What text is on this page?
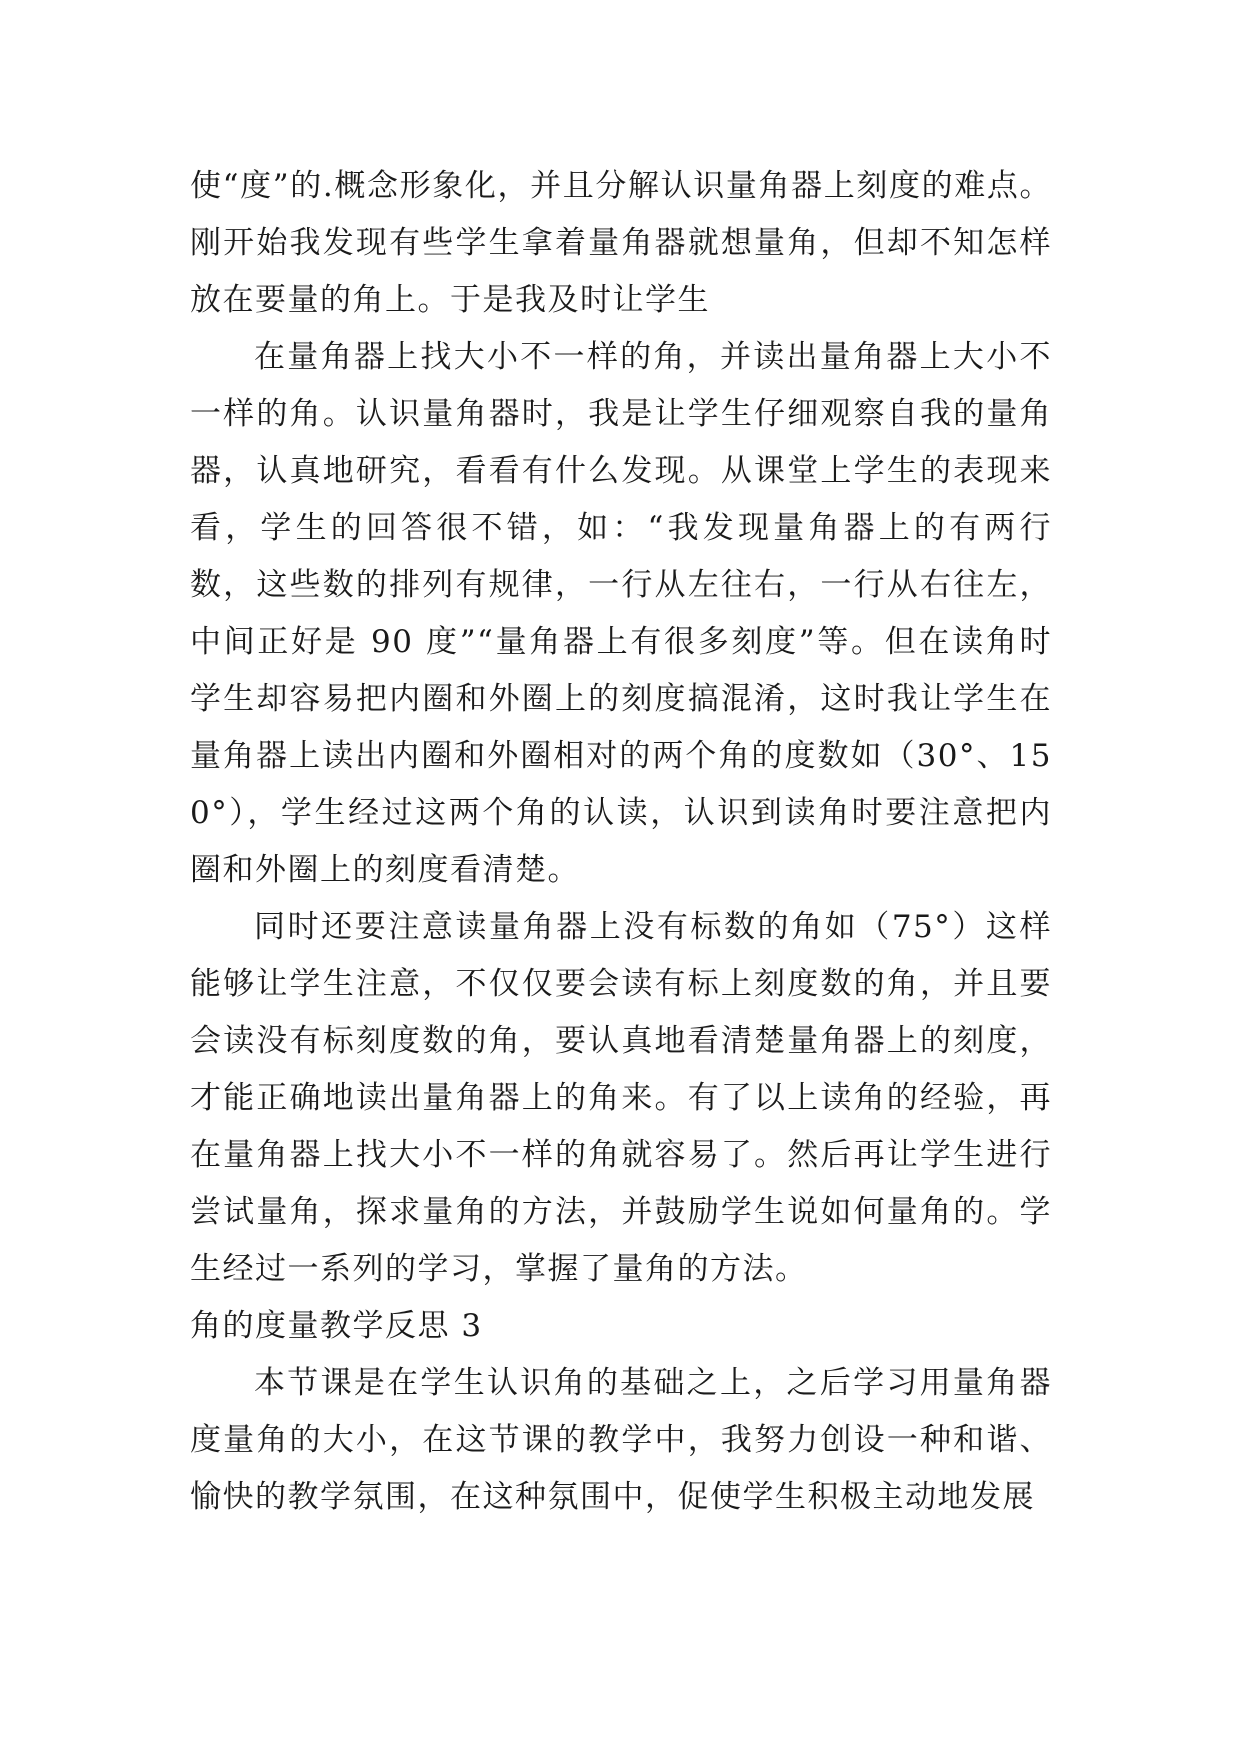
使“度”的.概念形象化，并且分解认识量角器上刻度的难点。刚开始我发现有些学生拿着量角器就想量角，但却不知怎样放在要量的角上。于是我及时让学生

在量角器上找大小不一样的角，并读出量角器上大小不一样的角。认识量角器时，我是让学生仔细观察自我的量角器，认真地研究，看看有什么发现。从课堂上学生的表现来看，学生的回答很不错，如：“我发现量角器上的有两行数，这些数的排列有规律，一行从左往右，一行从右往左，中间正好是 90 度”“量角器上有很多刻度”等。但在读角时学生却容易把内圈和外圈上的刻度搞混淆，这时我让学生在量角器上读出内圈和外圈相对的两个角的度数如（30°、150°），学生经过这两个角的认读，认识到读角时要注意把内圈和外圈上的刻度看清楚。

同时还要注意读量角器上没有标数的角如（75°）这样能够让学生注意，不仅仅要会读有标上刻度数的角，并且要会读没有标刻度数的角，要认真地看清楚量角器上的刻度，才能正确地读出量角器上的角来。有了以上读角的经验，再在量角器上找大小不一样的角就容易了。然后再让学生进行尝试量角，探求量角的方法，并鼓励学生说如何量角的。学生经过一系列的学习，掌握了量角的方法。

角的度量教学反思 3

本节课是在学生认识角的基础之上，之后学习用量角器度量角的大小，在这节课的教学中，我努力创设一种和谐、愉快的教学氛围，在这种氛围中，促使学生积极主动地发展
